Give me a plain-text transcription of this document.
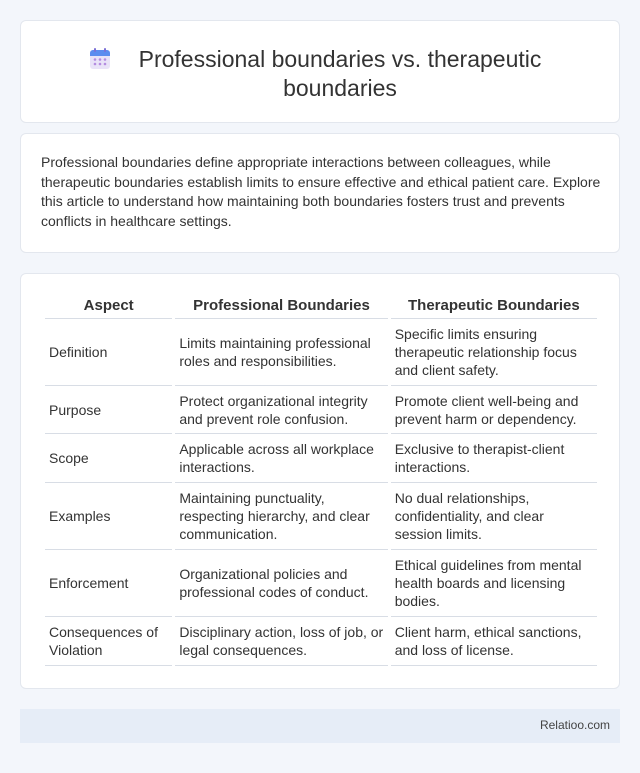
Professional boundaries vs. therapeutic boundaries

Professional boundaries define appropriate interactions between colleagues, while therapeutic boundaries establish limits to ensure effective and ethical patient care. Explore this article to understand how maintaining both boundaries fosters trust and prevents conflicts in healthcare settings.

Aspect	Professional Boundaries	Therapeutic Boundaries
Definition	Limits maintaining professional roles and responsibilities.	Specific limits ensuring therapeutic relationship focus and client safety.
Purpose	Protect organizational integrity and prevent role confusion.	Promote client well-being and prevent harm or dependency.
Scope	Applicable across all workplace interactions.	Exclusive to therapist-client interactions.
Examples	Maintaining punctuality, respecting hierarchy, and clear communication.	No dual relationships, confidentiality, and clear session limits.
Enforcement	Organizational policies and professional codes of conduct.	Ethical guidelines from mental health boards and licensing bodies.
Consequences of Violation	Disciplinary action, loss of job, or legal consequences.	Client harm, ethical sanctions, and loss of license.
Relatioo.com
